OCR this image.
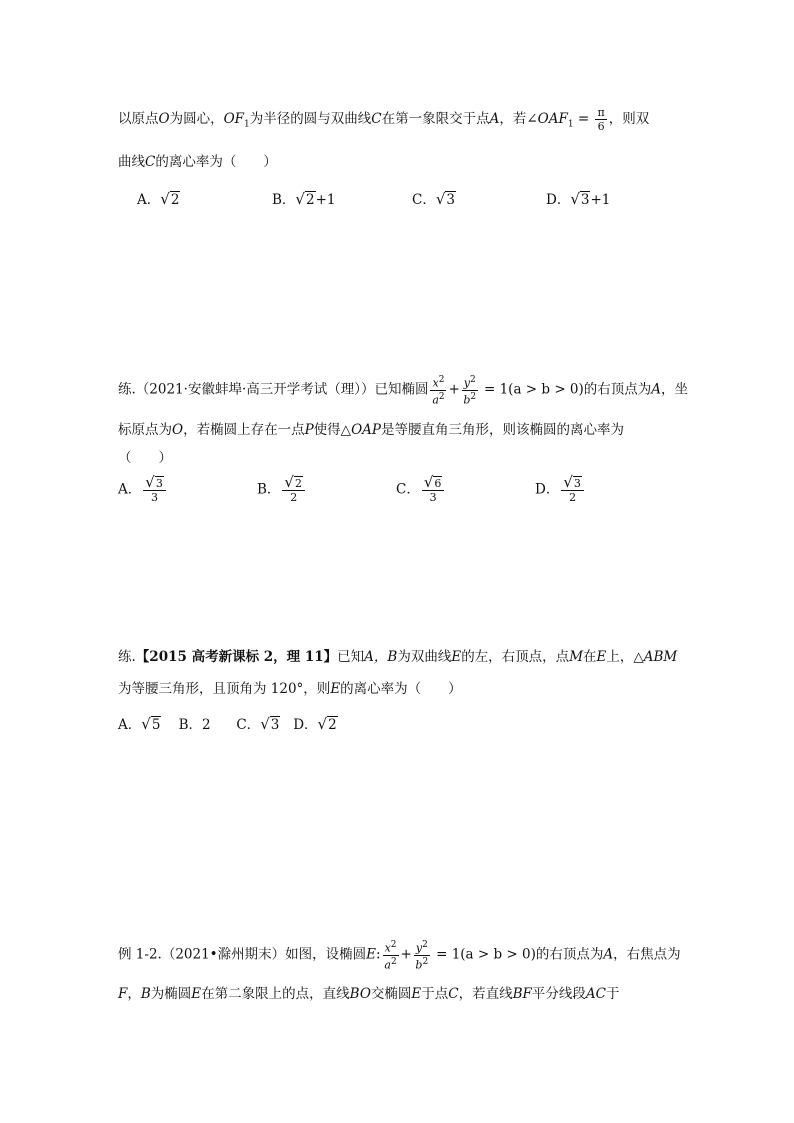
以原点O为圆心，$OF_1$为半径的圆与双曲线C在第一象限交于点A，若$\angle OAF_1 = \frac{\pi}{6}$ ，则双
曲线C的离心率为（　　）
A．√2	B．√2+1	C．√3	D．√3+1
练.（2021·安徽蚌埠·高三开学考试（理））已知椭圆 $\frac{x^2}{a^2} + \frac{y^2}{b^2} = 1(a > b > 0)$的右顶点为A，坐
标原点为O，若椭圆上存在一点P使得△OAP是等腰直角三角形，则该椭圆的离心率为
（　　）
A． $\frac{√3}{3}$	B． $\frac{√2}{2}$	C． $\frac{√6}{3}$	D． $\frac{√3}{2}$
练.【2015 高考新课标 2，理 11】已知A，B为双曲线E的左，右顶点，点M在E上，△ABM
为等腰三角形，且顶角为 120°，则E的离心率为（　　）
A．√5 B．2 C．√3 D．√2
例 1-2.（2021•滁州期末）如图，设椭圆E: $\frac{x^2}{a^2} + \frac{y^2}{b^2} = 1(a > b > 0)$的右顶点为A，右焦点为
F，B为椭圆E在第二象限上的点，直线BO交椭圆E于点C，若直线BF平分线段AC于
